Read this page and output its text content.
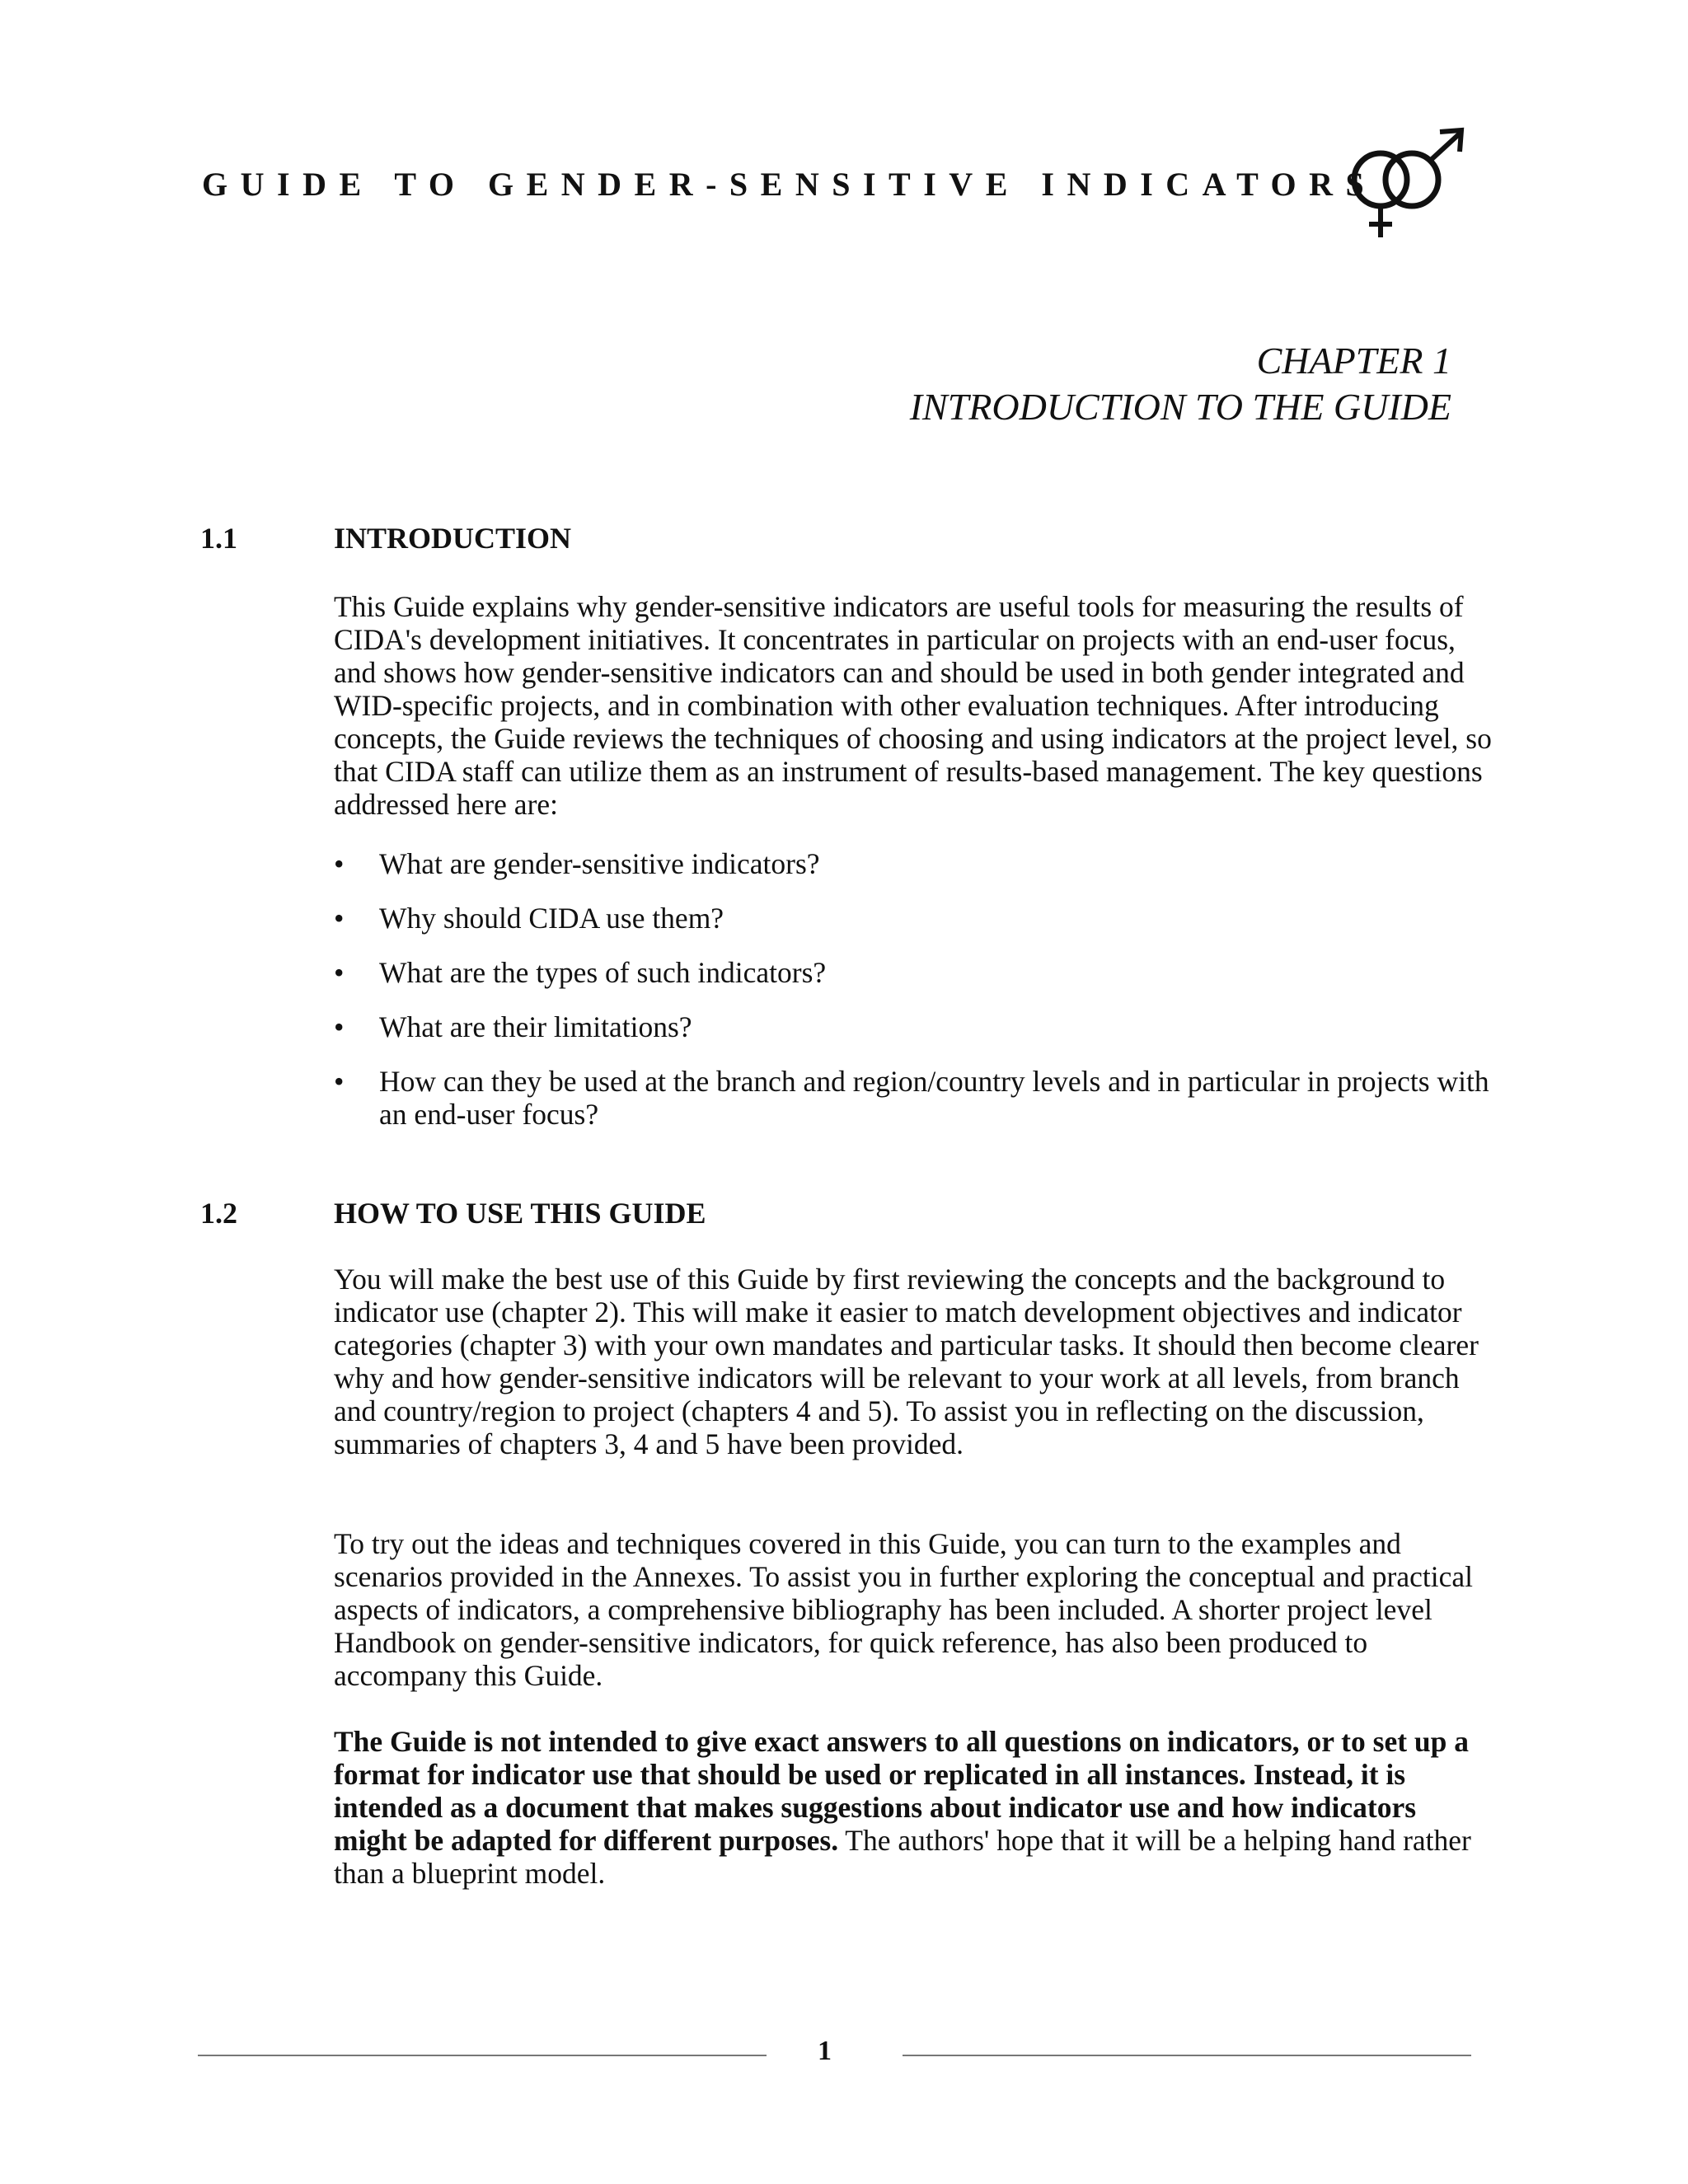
GUIDE TO GENDER-SENSITIVE INDICATORS
CHAPTER 1
INTRODUCTION TO THE GUIDE
1.1	INTRODUCTION

This Guide explains why gender-sensitive indicators are useful tools for measuring the results of CIDA's development initiatives. It concentrates in particular on projects with an end-user focus, and shows how gender-sensitive indicators can and should be used in both gender integrated and WID-specific projects, and in combination with other evaluation techniques. After introducing concepts, the Guide reviews the techniques of choosing and using indicators at the project level, so that CIDA staff can utilize them as an instrument of results-based management. The key questions addressed here are:

• What are gender-sensitive indicators?
• Why should CIDA use them?
• What are the types of such indicators?
• What are their limitations?
• How can they be used at the branch and region/country levels and in particular in projects with an end-user focus?
1.2	HOW TO USE THIS GUIDE

You will make the best use of this Guide by first reviewing the concepts and the background to indicator use (chapter 2). This will make it easier to match development objectives and indicator categories (chapter 3) with your own mandates and particular tasks. It should then become clearer why and how gender-sensitive indicators will be relevant to your work at all levels, from branch and country/region to project (chapters 4 and 5). To assist you in reflecting on the discussion, summaries of chapters 3, 4 and 5 have been provided.

To try out the ideas and techniques covered in this Guide, you can turn to the examples and scenarios provided in the Annexes. To assist you in further exploring the conceptual and practical aspects of indicators, a comprehensive bibliography has been included. A shorter project level Handbook on gender-sensitive indicators, for quick reference, has also been produced to accompany this Guide.

The Guide is not intended to give exact answers to all questions on indicators, or to set up a format for indicator use that should be used or replicated in all instances. Instead, it is intended as a document that makes suggestions about indicator use and how indicators might be adapted for different purposes. The authors' hope that it will be a helping hand rather than a blueprint model.

1
